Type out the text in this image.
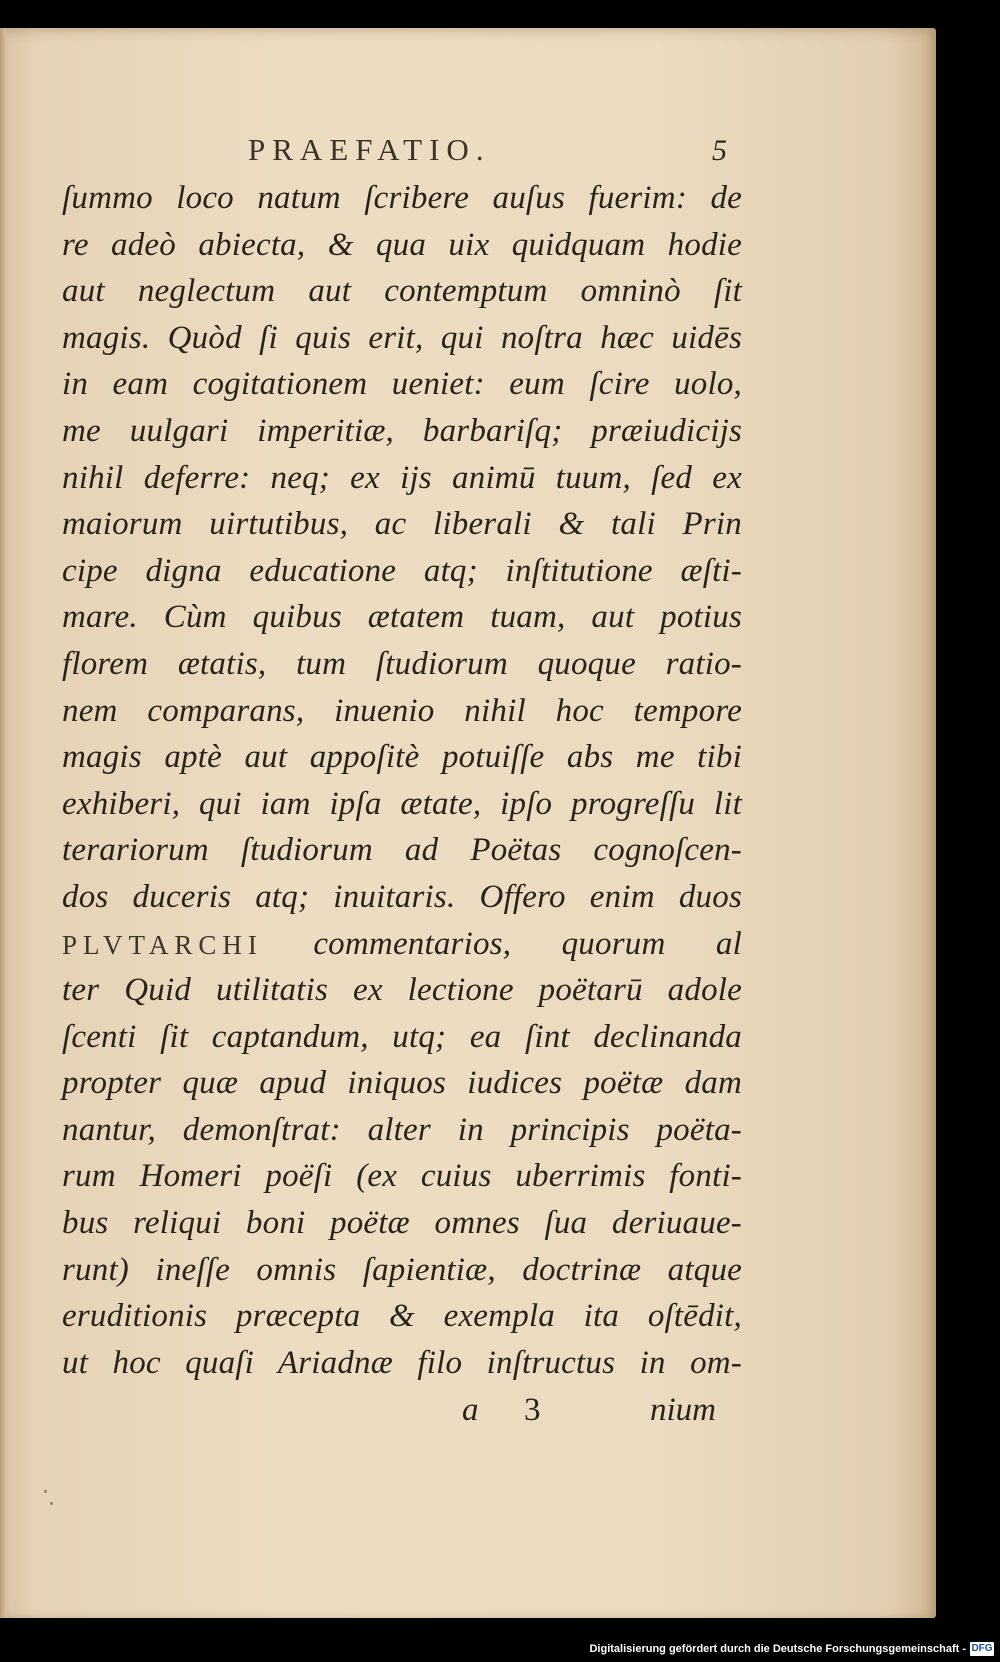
PRAEFATIO.	5
ſummo loco natum ſcribere auſus fuerim: de
re adeò abiecta, & qua uix quidquam hodie
aut neglectum aut contemptum omninò ſit
magis. Quòd ſi quis erit, qui noſtra hæc uidēs
in eam cogitationem ueniet: eum ſcire uolo,
me uulgari imperitiæ, barbariſq; præiudicijs
nihil deferre: neq; ex ijs animū tuum, ſed ex
maiorum uirtutibus, ac liberali & tali Prin
cipe digna educatione atq; inſtitutione æſti-
mare. Cùm quibus ætatem tuam, aut potius
florem ætatis, tum ſtudiorum quoque ratio-
nem comparans, inuenio nihil hoc tempore
magis aptè aut appoſitè potuiſſe abs me tibi
exhiberi, qui iam ipſa ætate, ipſo progreſſu lit
terariorum ſtudiorum ad Poëtas cognoſcen-
dos duceris atq; inuitaris. Offero enim duos
PLVTARCHI commentarios, quorum al
ter Quid utilitatis ex lectione poëtarū adole
ſcenti ſit captandum, utq; ea ſint declinanda
propter quæ apud iniquos iudices poëtæ dam
nantur, demonſtrat: alter in principis poëta-
rum Homeri poëſi (ex cuius uberrimis fonti-
bus reliqui boni poëtæ omnes ſua deriuaue-
runt) ineſſe omnis ſapientiæ, doctrinæ atque
eruditionis præcepta & exempla ita oſtēdit,
ut hoc quaſi Ariadnæ filo inſtructus in om-
a 3	nium
Digitalisierung gefördert durch die Deutsche Forschungsgemeinschaft - DFG
